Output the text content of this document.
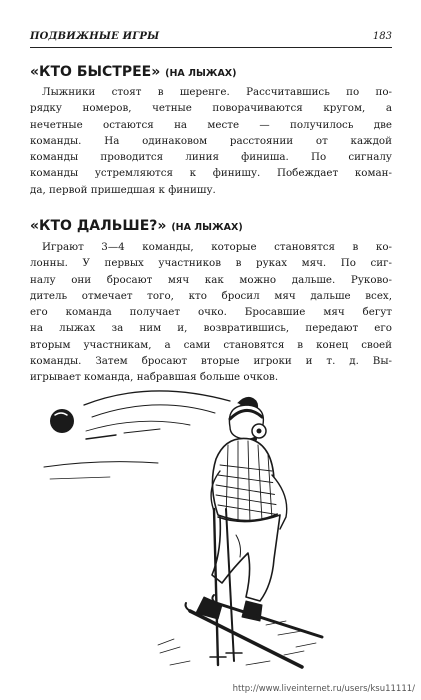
ПОДВИЖНЫЕ ИГРЫ	183
«КТО БЫСТРЕЕ» (НА ЛЫЖАХ)

Лыжники стоят в шеренге. Рассчитавшись по по-
рядку номеров, четные поворачиваются кругом, а
нечетные остаются на месте — получилось две
команды. На одинаковом расстоянии от каждой
команды проводится линия финиша. По сигналу
команды устремляются к финишу. Побеждает коман-
да, первой пришедшая к финишу.

«КТО ДАЛЬШЕ?» (НА ЛЫЖАХ)

Играют 3—4 команды, которые становятся в ко-
лонны. У первых участников в руках мяч. По сиг-
налу они бросают мяч как можно дальше. Руково-
дитель отмечает того, кто бросил мяч дальше всех,
его команда получает очко. Бросавшие мяч бегут
на лыжах за ним и, возвратившись, передают его
вторым участникам, а сами становятся в конец своей
команды. Затем бросают вторые игроки и т. д. Вы-
игрывает команда, набравшая больше очков.

http://www.liveinternet.ru/users/ksu11111/
